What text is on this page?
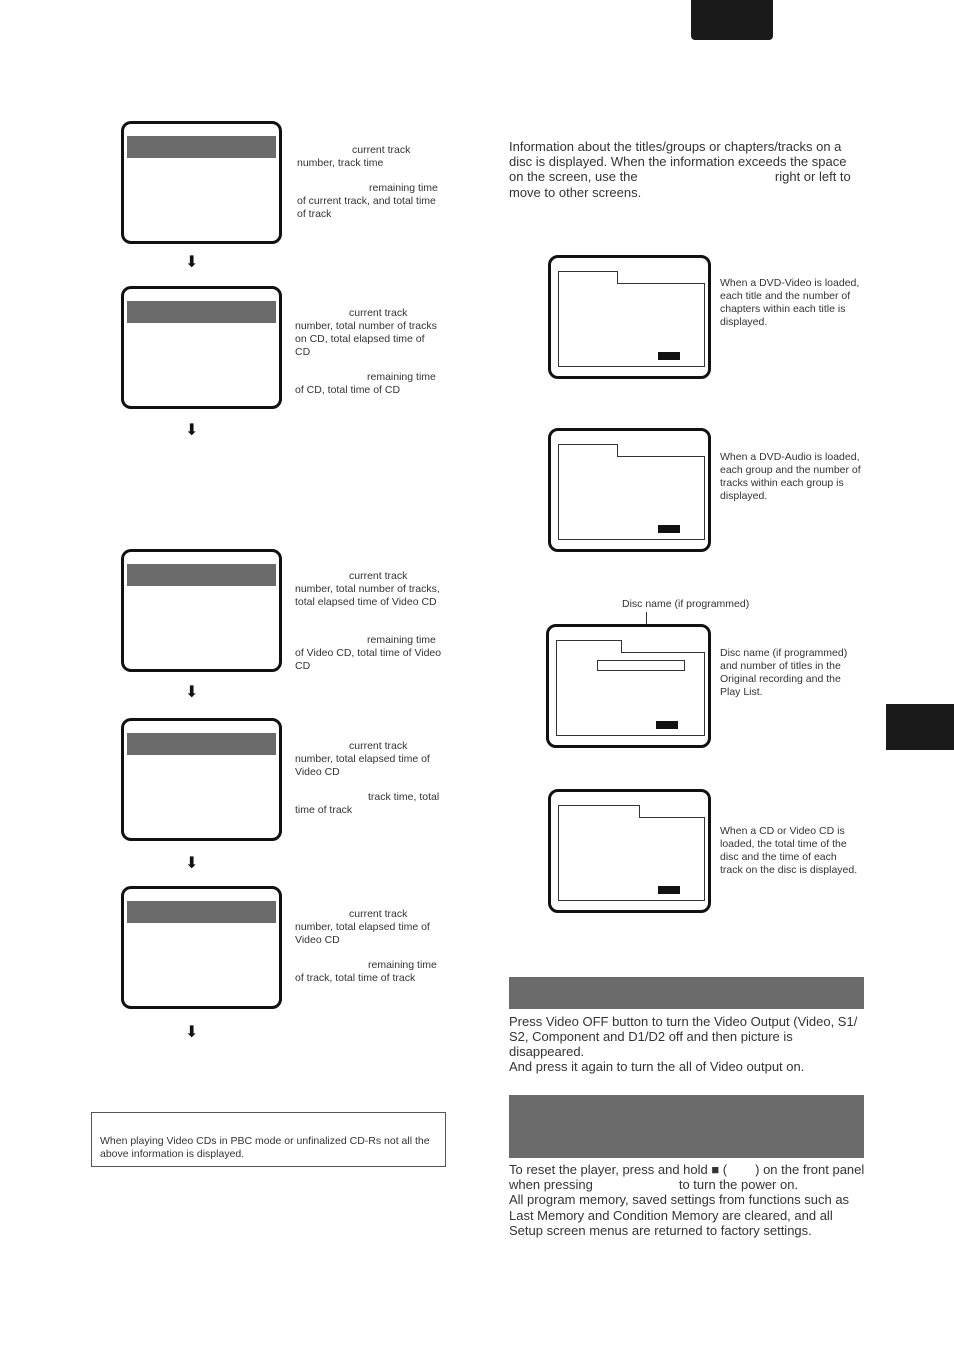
current track number, track time
remaining time of current track, and total time of track
⬇
current track number, total number of tracks on CD, total elapsed time of CD
remaining time of CD, total time of CD
⬇
current track number, total number of tracks, total elapsed time of Video CD
remaining time of Video CD, total time of Video CD
⬇
current track number, total elapsed time of Video CD
track time, total time of track
⬇
current track number, total elapsed time of Video CD
remaining time of track, total time of track
⬇
When playing Video CDs in PBC mode or unfinalized CD-Rs not all the above information is displayed.
Information about the titles/groups or chapters/tracks on a disc is displayed. When the information exceeds the space on the screen, use the	right or left to move to other screens.
When a DVD-Video is loaded, each title and the number of chapters within each title is displayed.
When a DVD-Audio is loaded, each group and the number of tracks within each group is displayed.
Disc name (if programmed)
Disc name (if programmed) and number of titles in the Original recording and the Play List.
When a CD or Video CD is loaded, the total time of the disc and the time of each track on the disc is displayed.
Press Video OFF button to turn the Video Output (Video, S1/ S2, Component and D1/D2 off and then picture is disappeared.
And press it again to turn the all of Video output on.
To reset the player, press and hold ■ ( ) on the front panel
when pressing	to turn the power on.
All program memory, saved settings from functions such as Last Memory and Condition Memory are cleared, and all Setup screen menus are returned to factory settings.
